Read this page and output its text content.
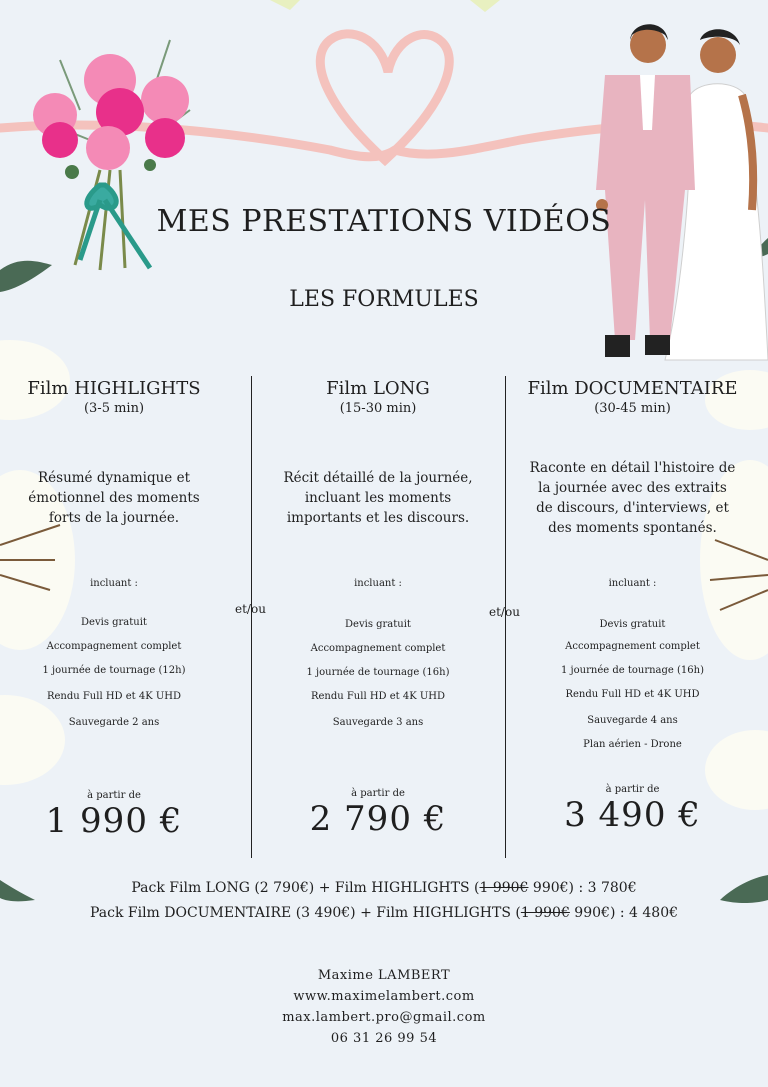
MES PRESTATIONS VIDÉOS
LES FORMULES
et/ou	et/ou
Film HIGHLIGHTS
(3-5 min)
Résumé dynamique et
émotionnel des moments
forts de la journée.
incluant :
Devis gratuit
Accompagnement complet
1 journée de tournage (12h)
Rendu Full HD et 4K UHD
Sauvegarde 2 ans
à partir de
1 990 €
Film LONG
(15-30 min)
Récit détaillé de la journée,
incluant les moments
importants et les discours.
incluant :
Devis gratuit
Accompagnement complet
1 journée de tournage (16h)
Rendu Full HD et 4K UHD
Sauvegarde 3 ans
à partir de
2 790 €
Film DOCUMENTAIRE
(30-45 min)
Raconte en détail l'histoire de
la journée avec des extraits
de discours, d'interviews, et
des moments spontanés.
incluant :
Devis gratuit
Accompagnement complet
1 journée de tournage (16h)
Rendu Full HD et 4K UHD
Sauvegarde 4 ans
Plan aérien - Drone
à partir de
3 490 €
Pack Film LONG (2 790€) + Film HIGHLIGHTS (1 990€ 990€) : 3 780€
Pack Film DOCUMENTAIRE (3 490€) + Film HIGHLIGHTS (1 990€ 990€) : 4 480€
Maxime LAMBERT
www.maximelambert.com
max.lambert.pro@gmail.com
06 31 26 99 54
